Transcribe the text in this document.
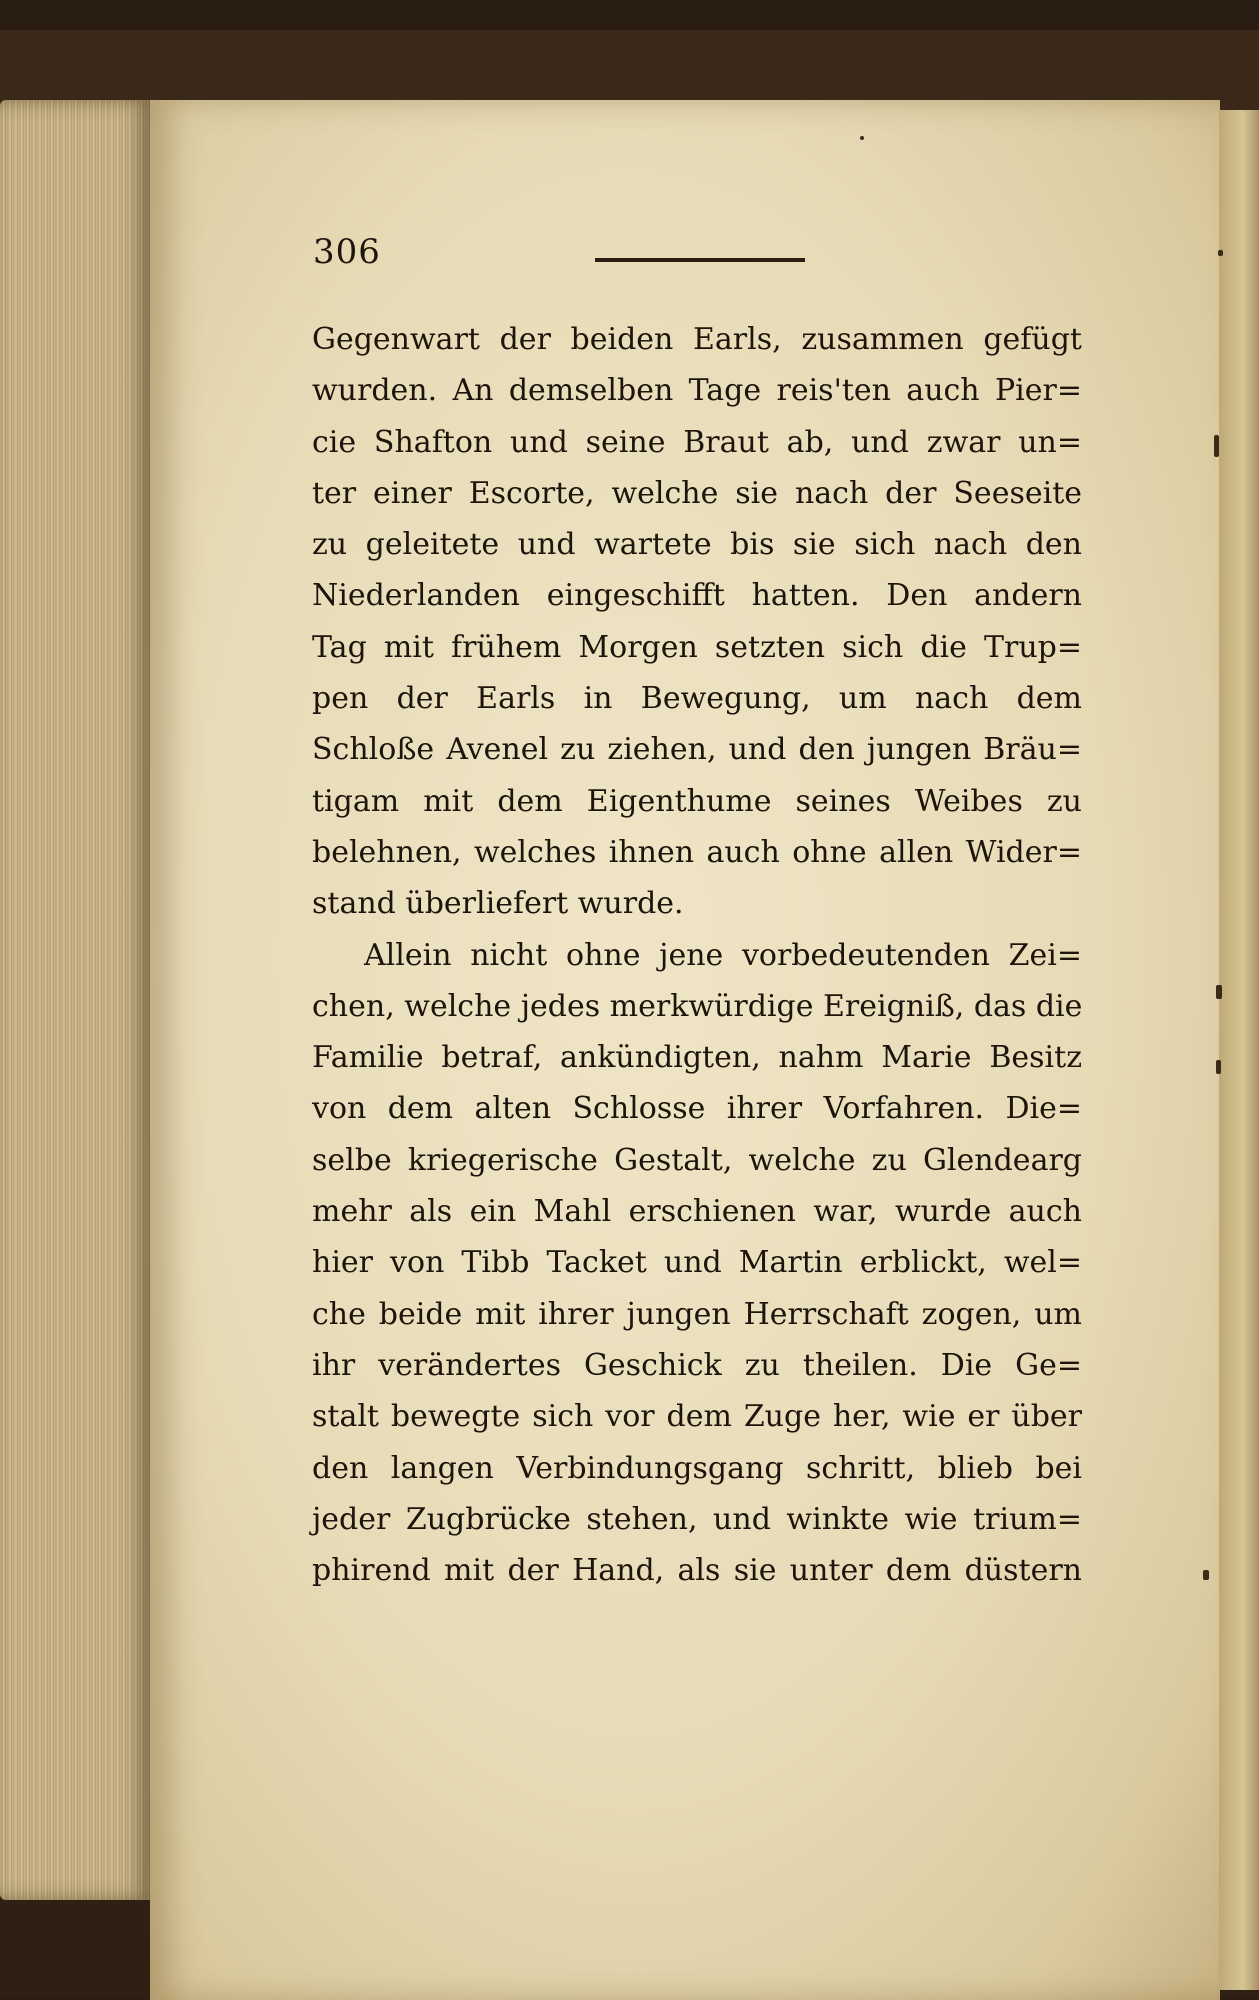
306
Gegenwart der beiden Earls, zusammen gefügt
wurden. An demselben Tage reis'ten auch Pier=
cie Shafton und seine Braut ab, und zwar un=
ter einer Escorte, welche sie nach der Seeseite
zu geleitete und wartete bis sie sich nach den
Niederlanden eingeschifft hatten. Den andern
Tag mit frühem Morgen setzten sich die Trup=
pen der Earls in Bewegung, um nach dem
Schloße Avenel zu ziehen, und den jungen Bräu=
tigam mit dem Eigenthume seines Weibes zu
belehnen, welches ihnen auch ohne allen Wider=
stand überliefert wurde.
Allein nicht ohne jene vorbedeutenden Zei=
chen, welche jedes merkwürdige Ereigniß, das die
Familie betraf, ankündigten, nahm Marie Besitz
von dem alten Schlosse ihrer Vorfahren. Die=
selbe kriegerische Gestalt, welche zu Glendearg
mehr als ein Mahl erschienen war, wurde auch
hier von Tibb Tacket und Martin erblickt, wel=
che beide mit ihrer jungen Herrschaft zogen, um
ihr verändertes Geschick zu theilen. Die Ge=
stalt bewegte sich vor dem Zuge her, wie er über
den langen Verbindungsgang schritt, blieb bei
jeder Zugbrücke stehen, und winkte wie trium=
phirend mit der Hand, als sie unter dem düstern
